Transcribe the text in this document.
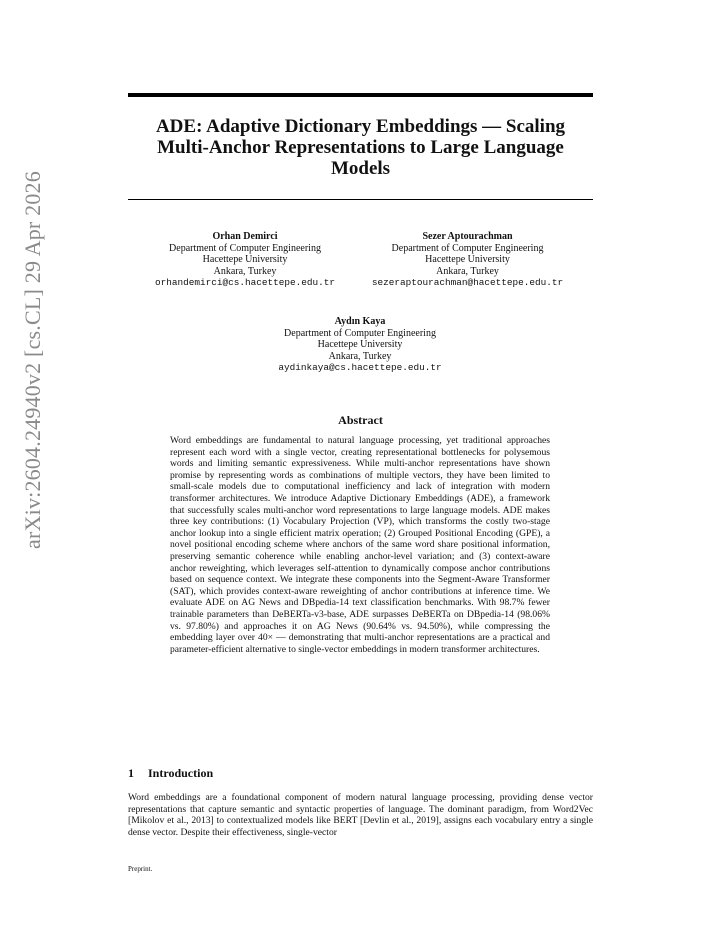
arXiv:2604.24940v2 [cs.CL] 29 Apr 2026
ADE: Adaptive Dictionary Embeddings — Scaling Multi-Anchor Representations to Large Language Models
Orhan Demirci
Department of Computer Engineering
Hacettepe University
Ankara, Turkey
orhandemirci@cs.hacettepe.edu.tr
Sezer Aptourachman
Department of Computer Engineering
Hacettepe University
Ankara, Turkey
sezeraptourachman@hacettepe.edu.tr
Aydın Kaya
Department of Computer Engineering
Hacettepe University
Ankara, Turkey
aydinkaya@cs.hacettepe.edu.tr
Abstract
Word embeddings are fundamental to natural language processing, yet traditional approaches represent each word with a single vector, creating representational bottlenecks for polysemous words and limiting semantic expressiveness. While multi-anchor representations have shown promise by representing words as combinations of multiple vectors, they have been limited to small-scale models due to computational inefficiency and lack of integration with modern transformer architectures. We introduce Adaptive Dictionary Embeddings (ADE), a framework that successfully scales multi-anchor word representations to large language models. ADE makes three key contributions: (1) Vocabulary Projection (VP), which transforms the costly two-stage anchor lookup into a single efficient matrix operation; (2) Grouped Positional Encoding (GPE), a novel positional encoding scheme where anchors of the same word share positional information, preserving semantic coherence while enabling anchor-level variation; and (3) context-aware anchor reweighting, which leverages self-attention to dynamically compose anchor contributions based on sequence context. We integrate these components into the Segment-Aware Transformer (SAT), which provides context-aware reweighting of anchor contributions at inference time. We evaluate ADE on AG News and DBpedia-14 text classification benchmarks. With 98.7% fewer trainable parameters than DeBERTa-v3-base, ADE surpasses DeBERTa on DBpedia-14 (98.06% vs. 97.80%) and approaches it on AG News (90.64% vs. 94.50%), while compressing the embedding layer over 40× — demonstrating that multi-anchor representations are a practical and parameter-efficient alternative to single-vector embeddings in modern transformer architectures.
1 Introduction
Word embeddings are a foundational component of modern natural language processing, providing dense vector representations that capture semantic and syntactic properties of language. The dominant paradigm, from Word2Vec [Mikolov et al., 2013] to contextualized models like BERT [Devlin et al., 2019], assigns each vocabulary entry a single dense vector. Despite their effectiveness, single-vector
Preprint.
